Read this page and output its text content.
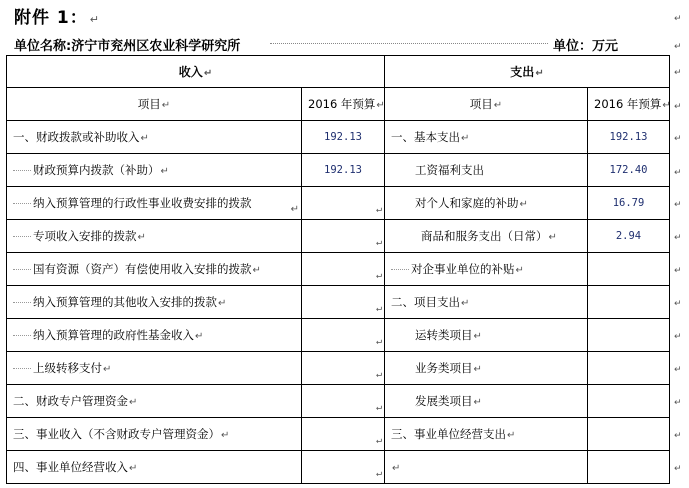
附件 1： ↵
单位名称:济宁市兖州区农业科学研究所	单位：万元
收入↵		支出↵	
项目↵	2016 年预算↵	项目↵	2016 年预算↵
一、财政拨款或补助收入↵	192.13	一、基本支出↵	192.13
财政预算内拨款（补助）↵	192.13	工资福利支出	172.40
纳入预算管理的行政性事业收费安排的拨款 ↵	↵	对个人和家庭的补助↵	16.79
专项收入安排的拨款↵	↵	商品和服务支出（日常）↵	2.94
国有资源（资产）有偿使用收入安排的拨款↵	↵	对企事业单位的补贴↵	
纳入预算管理的其他收入安排的拨款↵	↵	二、项目支出↵	
纳入预算管理的政府性基金收入↵	↵	运转类项目↵	
上级转移支付↵	↵	业务类项目↵	
二、财政专户管理资金↵	↵	发展类项目↵	
三、事业收入（不含财政专户管理资金）↵	↵	三、事业单位经营支出↵	
四、事业单位经营收入↵	↵	↵	
↵
↵
↵
↵
↵
↵
↵
↵
↵
↵
↵
↵
↵
↵
↵
